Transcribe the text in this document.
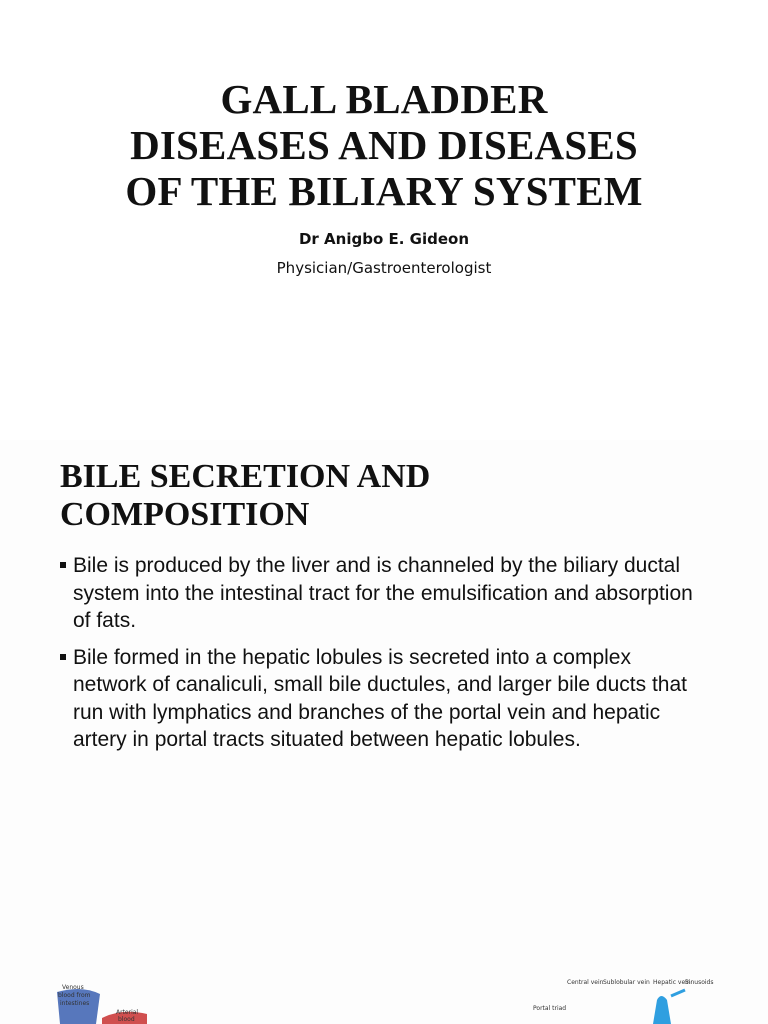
GALL BLADDER
DISEASES AND DISEASES
OF THE BILIARY SYSTEM
Dr Anigbo E. Gideon
Physician/Gastroenterologist
BILE SECRETION AND
COMPOSITION
Bile is produced by the liver and is channeled by the biliary ductal system into the intestinal tract for the emulsification and absorption of fats.
Bile formed in the hepatic lobules is secreted into a complex network of canaliculi, small bile ductules, and larger bile ducts that run with lymphatics and branches of the portal vein and hepatic artery in portal tracts situated between hepatic lobules.
Venous
blood from
intestines
Arterial
blood
Central vein Sublobular vein Hepatic vein
Sinusoids
Portal triad
